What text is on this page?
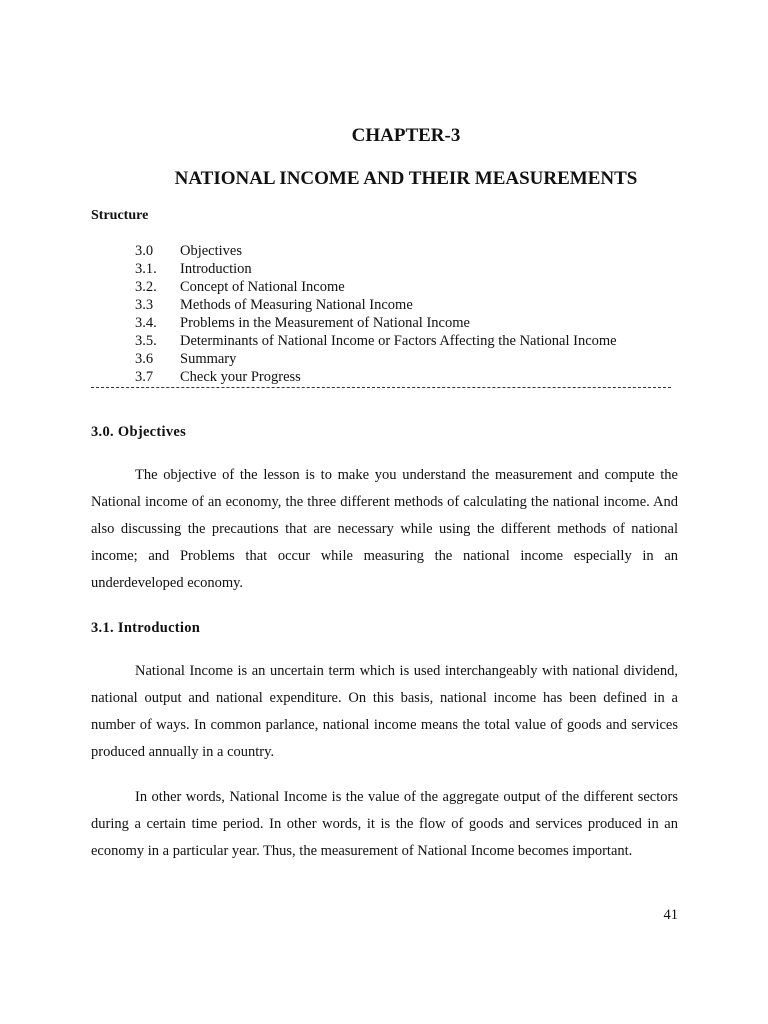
CHAPTER-3
NATIONAL INCOME AND THEIR MEASUREMENTS
Structure
3.0 Objectives
3.1. Introduction
3.2. Concept of National Income
3.3 Methods of Measuring National Income
3.4. Problems in the Measurement of National Income
3.5. Determinants of National Income or Factors Affecting the National Income
3.6 Summary
3.7 Check your Progress
3.0. Objectives

The objective of the lesson is to make you understand the measurement and compute the National income of an economy, the three different methods of calculating the national income. And also discussing the precautions that are necessary while using the different methods of national income; and Problems that occur while measuring the national income especially in an underdeveloped economy.

3.1. Introduction

National Income is an uncertain term which is used interchangeably with national dividend, national output and national expenditure. On this basis, national income has been defined in a number of ways. In common parlance, national income means the total value of goods and services produced annually in a country.

In other words, National Income is the value of the aggregate output of the different sectors during a certain time period. In other words, it is the flow of goods and services produced in an economy in a particular year. Thus, the measurement of National Income becomes important.

41
